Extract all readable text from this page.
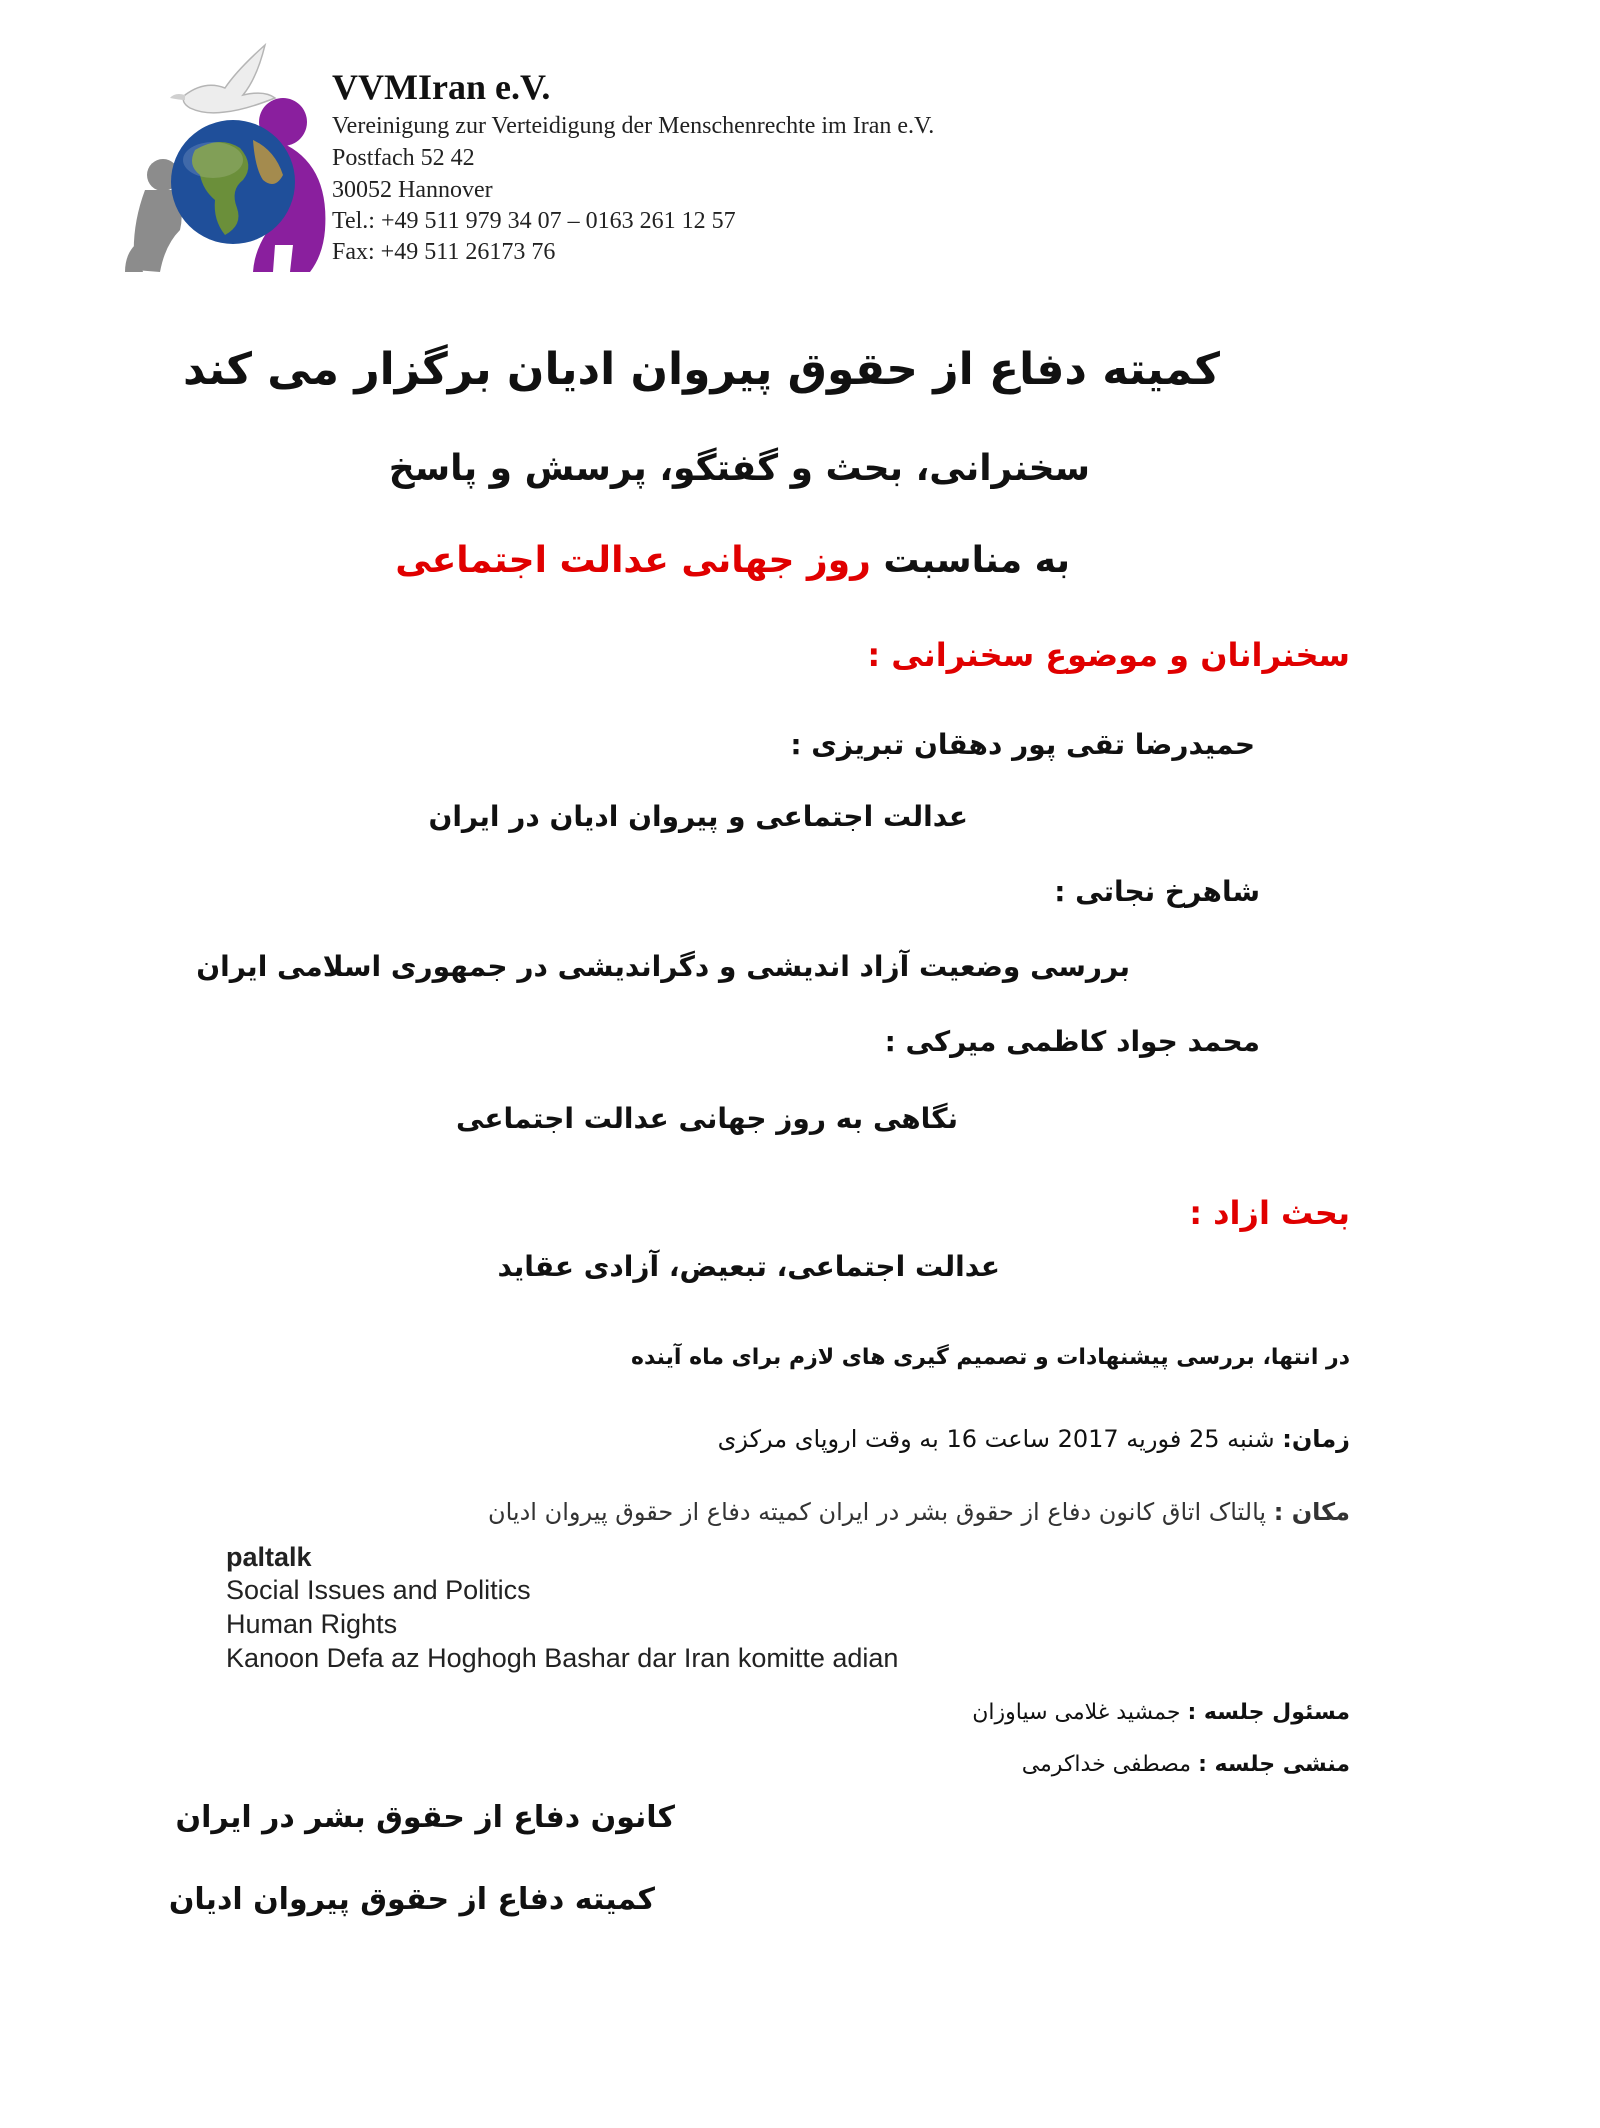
VVMIran e.V.
Vereinigung zur Verteidigung der Menschenrechte im Iran e.V.
Postfach 52 42
30052 Hannover
Tel.: +49 511 979 34 07 – 0163 261 12 57
Fax: +49 511 26173 76
کمیته دفاع از حقوق پیروان ادیان برگزار می کند
سخنرانی، بحث و گفتگو، پرسش و پاسخ
به مناسبت روز جهانی عدالت اجتماعی
سخنرانان و موضوع سخنرانی :
حمیدرضا تقی پور دهقان تبریزی :
عدالت اجتماعی و پیروان ادیان در ایران
شاهرخ نجاتی :
بررسی وضعیت آزاد اندیشی و دگراندیشی در جمهوری اسلامی ایران
محمد جواد کاظمی میرکی :
نگاهی به روز جهانی عدالت اجتماعی
بحث ازاد :
عدالت اجتماعی، تبعیض، آزادی عقاید
در انتها، بررسی پیشنهادات و تصمیم گیری های لازم برای ماه آینده
زمان: شنبه 25 فوریه 2017 ساعت 16 به وقت اروپای مرکزی
مکان : پالتاک اتاق کانون دفاع از حقوق بشر در ایران کمیته دفاع از حقوق پیروان ادیان
paltalk
Social Issues and Politics
Human Rights
Kanoon Defa az Hoghogh Bashar dar Iran komitte adian
مسئول جلسه : جمشید غلامی سیاوزان
منشی جلسه : مصطفی خداکرمی
کانون دفاع از حقوق بشر در ایران
کمیته دفاع از حقوق پیروان ادیان
